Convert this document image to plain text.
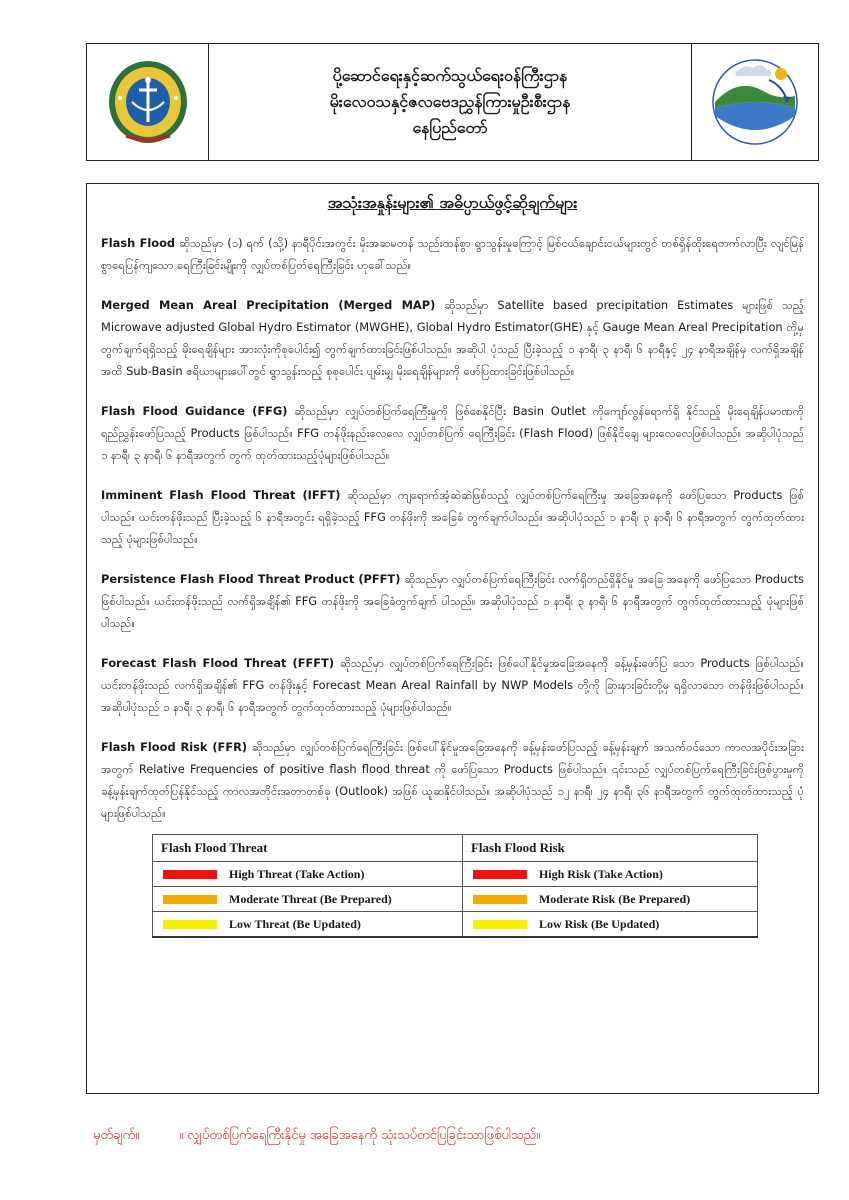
ပို့ဆောင်ရေးနှင့်ဆက်သွယ်ရေးဝန်ကြီးဌာန
မိုးလေဝသနှင့်ဇလဗေဒညွှန်ကြားမှုဦးစီးဌာန
နေပြည်တော်
အသုံးအနှုန်းများ၏ အဓိပ္ပာယ်ဖွင့်ဆိုချက်များ

Flash Flood ဆိုသည်မှာ (၁) ရက် (သို့) နာရီပိုင်းအတွင်း မိုးအဆမတန် သည်းထန်စွာ ရွာသွန်းမှုကြောင့် မြစ်ငယ်ချောင်းငယ်များတွင် တစ်ရှိန်ထိုးရေတက်လာပြီး လျင်မြန်စွာရေပြန်ကျသော ရေကြီးခြင်းမျိုးကို လျှပ်တစ်ပြတ်ရေကြီးခြင်း ဟုခေါ်သည်။

Merged Mean Areal Precipitation (Merged MAP) ဆိုသည်မှာ Satellite based precipitation Estimates များဖြစ် သည့် Microwave adjusted Global Hydro Estimator (MWGHE), Global Hydro Estimator(GHE) နှင့် Gauge Mean Areal Precipitation တို့မှ တွက်ချက်ရရှိသည့် မိုးရေချိန်များ အားလုံးကိုစုပေါင်း၍ တွက်ချက်ထားခြင်းဖြစ်ပါသည်။ အဆိုပါ ပုံသည် ပြီးခဲ့သည့် ၁ နာရီ၊ ၃ နာရီ၊ ၆ နာရီနှင့် ၂၄ နာရီအချိန်မှ လက်ရှိအချိန်အထိ Sub-Basin ဧရိယာများပေါ်တွင် ရွာသွန်းသည့် စုစုပေါင်း ပျမ်းမျှ မိုးရေချိန်များကို ဖော်ပြထားခြင်းဖြစ်ပါသည်။

Flash Flood Guidance (FFG) ဆိုသည်မှာ လျှပ်တစ်ပြက်ရေကြီးမှုကို ဖြစ်စေနိုင်ပြီး Basin Outlet ကိုကျော်လွန်ရောက်ရှိ နိုင်သည့် မိုးရေချိန်ပမာဏကို ရည်ညွှန်းဖော်ပြသည့် Products ဖြစ်ပါသည်။ FFG တန်ဖိုးနည်းလေလေ လျှပ်တစ်ပြက် ရေကြီးခြင်း (Flash Flood) ဖြစ်နိုင်ချေ များလေလေဖြစ်ပါသည်။ အဆိုပါပုံသည် ၁ နာရီ၊ ၃ နာရီ၊ ၆ နာရီအတွက် တွက် ထုတ်ထားသည့်ပုံများဖြစ်ပါသည်။

Imminent Flash Flood Threat (IFFT) ဆိုသည်မှာ ကျရောက်အံ့ဆဲဆဲဖြစ်သည့် လျှပ်တစ်ပြက်ရေကြီးမှု အခြေအနေကို ဖော်ပြသော Products ဖြစ်ပါသည်။ ယင်းတန်ဖိုးသည် ပြီးခဲ့သည့် ၆ နာရီအတွင်း ရရှိခဲ့သည့် FFG တန်ဖိုးကို အခြေခံ တွက်ချက်ပါသည်။ အဆိုပါပုံသည် ၁ နာရီ၊ ၃ နာရီ၊ ၆ နာရီအတွက် တွက်ထုတ်ထားသည့် ပုံများဖြစ်ပါသည်။

Persistence Flash Flood Threat Product (PFFT) ဆိုသည်မှာ လျှပ်တစ်ပြက်ရေကြီးခြင်း လက်ရှိတည်ရှိနိုင်မှု အခြေ အနေကို ဖော်ပြသော Products ဖြစ်ပါသည်။ ယင်းတန်ဖိုးသည် လက်ရှိအချိန်၏ FFG တန်ဖိုးကို အခြေခံတွက်ချက် ပါသည်။ အဆိုပါပုံသည် ၁ နာရီ၊ ၃ နာရီ၊ ၆ နာရီအတွက် တွက်ထုတ်ထားသည့် ပုံများဖြစ်ပါသည်။

Forecast Flash Flood Threat (FFFT) ဆိုသည်မှာ လျှပ်တစ်ပြက်ရေကြီးခြင်း ဖြစ်ပေါ်နိုင်မှုအခြေအနေကို ခန့်မှန်းဖော်ပြ သော Products ဖြစ်ပါသည်။ ယင်းတန်ဖိုးသည် လက်ရှိအချိန်၏ FFG တန်ဖိုးနှင့် Forecast Mean Areal Rainfall by NWP Models တို့ကို ခြားနားခြင်းတို့မှ ရရှိလာသော တန်ဖိုးဖြစ်ပါသည်။ အဆိုပါပုံသည် ၁ နာရီ၊ ၃ နာရီ၊ ၆ နာရီအတွက် တွက်ထုတ်ထားသည့် ပုံများဖြစ်ပါသည်။

Flash Flood Risk (FFR) ဆိုသည်မှာ လျှပ်တစ်ပြက်ရေကြီးခြင်း ဖြစ်ပေါ်နိုင်မှုအခြေအနေကို ခန့်မှန်းဖော်ပြသည့် ခန့်မှန်းချက် အသက်ဝင်သော ကာလအပိုင်းအခြားအတွက် Relative Frequencies of positive flash flood threat ကို ဖော်ပြသော Products ဖြစ်ပါသည်။ ၎င်းသည် လျှပ်တစ်ပြက်ရေကြီးခြင်းဖြစ်ပွားမှုကို ခန့်မှန်းချက်ထုတ်ပြန်နိုင်သည့် ကာလအတိုင်းအတာတစ်ခု (Outlook) အဖြစ် ယူဆနိုင်ပါသည်။ အဆိုပါပုံသည် ၁၂ နာရီ၊ ၂၄ နာရီ၊ ၃၆ နာရီအတွက် တွက်ထုတ်ထားသည့် ပုံများဖြစ်ပါသည်။

Flash Flood Threat	Flash Flood Risk

High Threat (Take Action)	High Risk (Take Action)

Moderate Threat (Be Prepared)	Moderate Risk (Be Prepared)

Low Threat (Be Updated)	Low Risk (Be Updated)
မှတ်ချက်။	။ လျှပ်တစ်ပြက်ရေကြီးနိုင်မှု အခြေအနေကို သုံးသပ်တင်ပြခြင်းသာဖြစ်ပါသည်။
